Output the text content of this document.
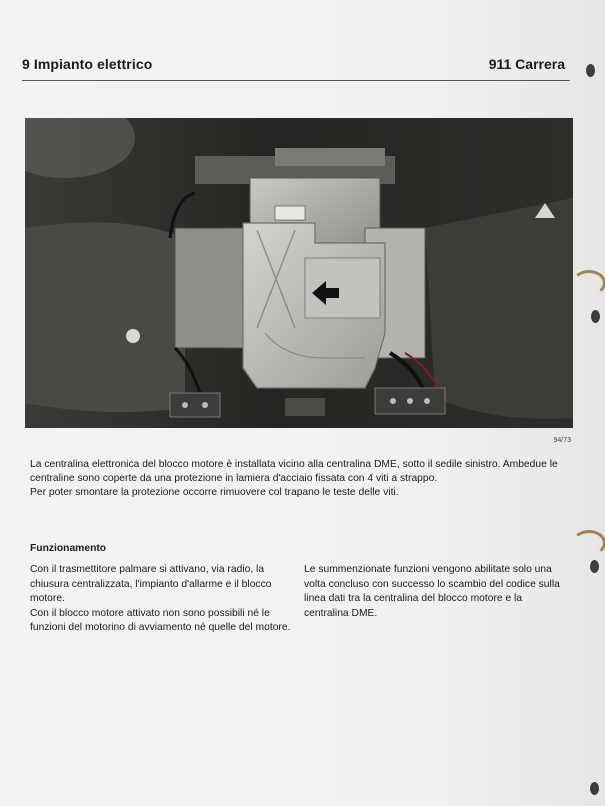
9 Impianto elettrico	911 Carrera
94/73

La centralina elettronica del blocco motore è installata vicino alla centralina DME, sotto il sedile sinistro. Ambedue le centraline sono coperte da una protezione in lamiera d'acciaio fissata con 4 viti a strappo.

Per poter smontare la protezione occorre rimuovere col trapano le teste delle viti.

Funzionamento

Con il trasmettitore palmare si attivano, via radio, la chiusura centralizzata, l'impianto d'allarme e il blocco motore.

Con il blocco motore attivato non sono possibili né le funzioni del motorino di avviamento né quelle del motore.

Le summenzionate funzioni vengono abilitate solo una volta concluso con successo lo scambio del codice sulla linea dati tra la centralina del blocco motore e la centralina DME.
